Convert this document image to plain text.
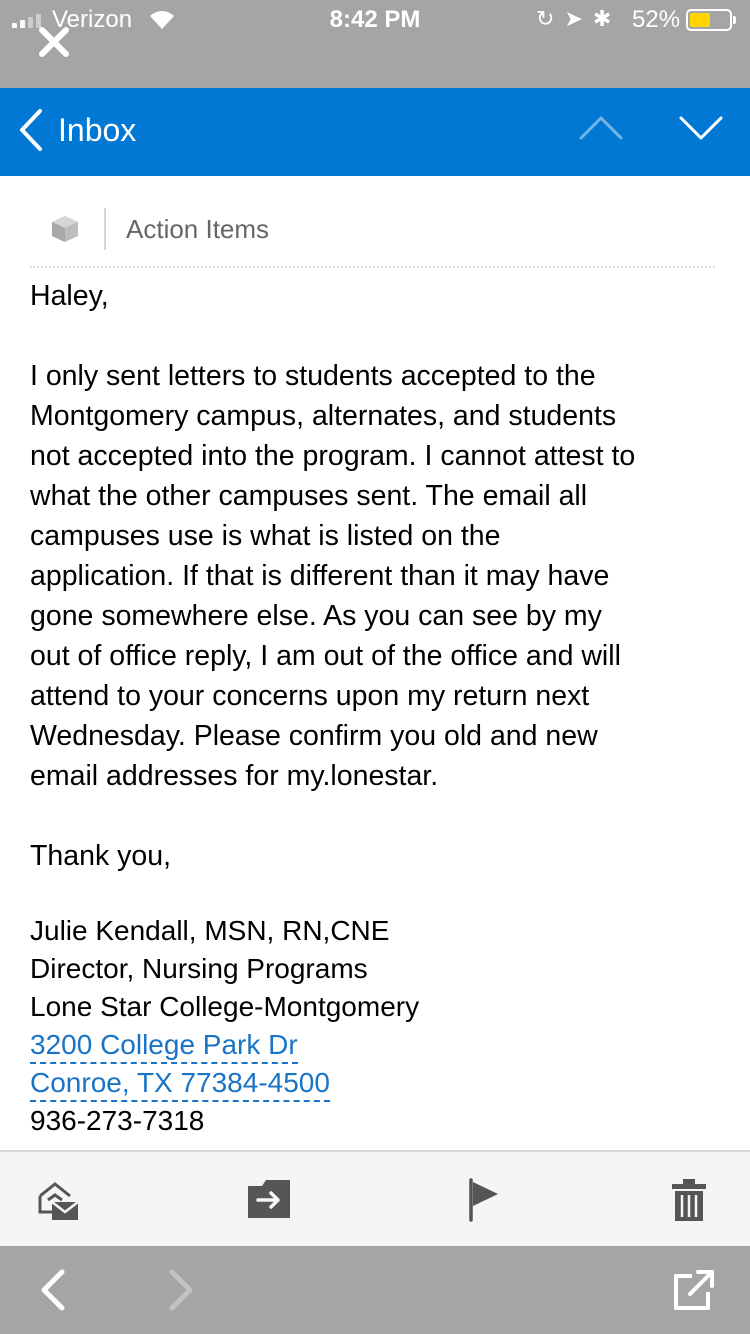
Verizon	8:42 PM	↻ ➤ ✱ 52%
Inbox
Action Items

Haley,

I only sent letters to students accepted to the
Montgomery campus, alternates, and students
not accepted into the program. I cannot attest to
what the other campuses sent. The email all
campuses use is what is listed on the
application. If that is different than it may have
gone somewhere else. As you can see by my
out of office reply, I am out of the office and will
attend to your concerns upon my return next
Wednesday. Please confirm you old and new
email addresses for my.lonestar.

Thank you,

Julie Kendall, MSN, RN,CNE
Director, Nursing Programs
Lone Star College-Montgomery
3200 College Park Dr
Conroe, TX 77384-4500
936-273-7318
